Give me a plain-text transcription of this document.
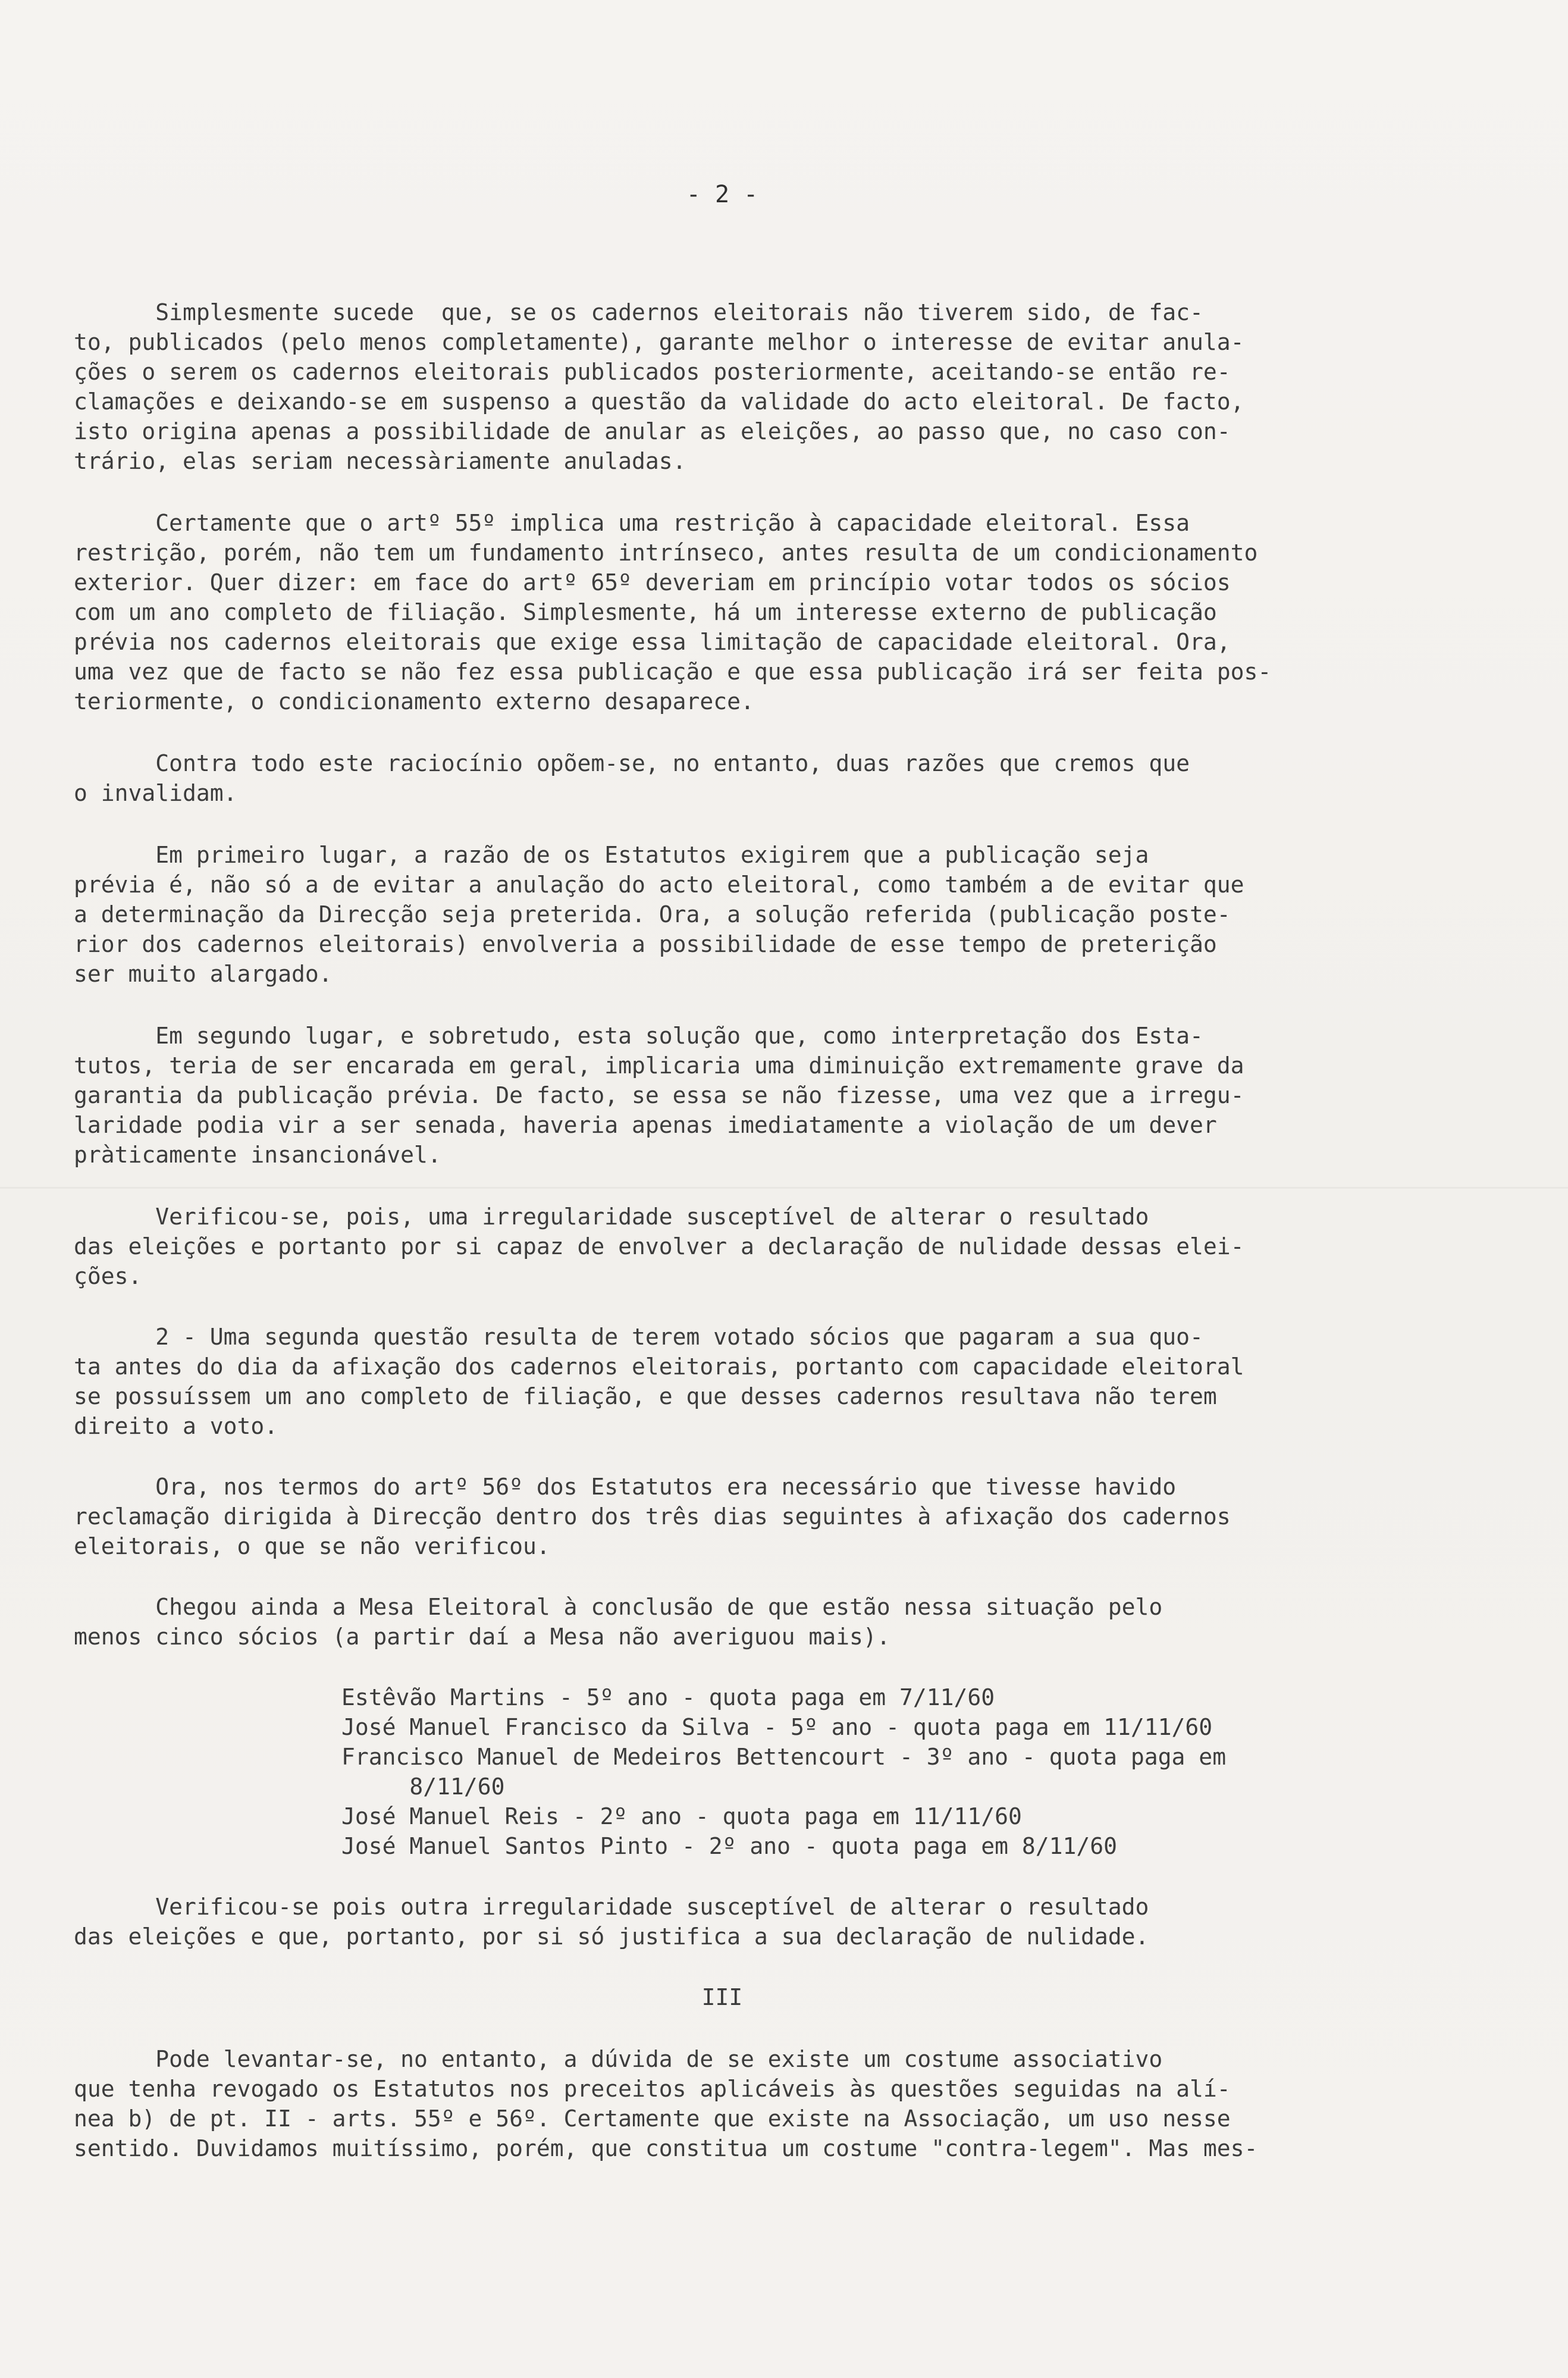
- 2 -
Simplesmente sucede  que, se os cadernos eleitorais não tiverem sido, de fac-
to, publicados (pelo menos completamente), garante melhor o interesse de evitar anula-
ções o serem os cadernos eleitorais publicados posteriormente, aceitando-se então re-
clamações e deixando-se em suspenso a questão da validade do acto eleitoral. De facto,
isto origina apenas a possibilidade de anular as eleições, ao passo que, no caso con-
trário, elas seriam necessàriamente anuladas.
Certamente que o artº 55º implica uma restrição à capacidade eleitoral. Essa
restrição, porém, não tem um fundamento intrínseco, antes resulta de um condicionamento
exterior. Quer dizer: em face do artº 65º deveriam em princípio votar todos os sócios
com um ano completo de filiação. Simplesmente, há um interesse externo de publicação
prévia nos cadernos eleitorais que exige essa limitação de capacidade eleitoral. Ora,
uma vez que de facto se não fez essa publicação e que essa publicação irá ser feita pos-
teriormente, o condicionamento externo desaparece.
Contra todo este raciocínio opõem-se, no entanto, duas razões que cremos que
o invalidam.
Em primeiro lugar, a razão de os Estatutos exigirem que a publicação seja
prévia é, não só a de evitar a anulação do acto eleitoral, como também a de evitar que
a determinação da Direcção seja preterida. Ora, a solução referida (publicação poste-
rior dos cadernos eleitorais) envolveria a possibilidade de esse tempo de preterição
ser muito alargado.
Em segundo lugar, e sobretudo, esta solução que, como interpretação dos Esta-
tutos, teria de ser encarada em geral, implicaria uma diminuição extremamente grave da
garantia da publicação prévia. De facto, se essa se não fizesse, uma vez que a irregu-
laridade podia vir a ser senada, haveria apenas imediatamente a violação de um dever
pràticamente insancionável.
Verificou-se, pois, uma irregularidade susceptível de alterar o resultado
das eleições e portanto por si capaz de envolver a declaração de nulidade dessas elei-
ções.
2 - Uma segunda questão resulta de terem votado sócios que pagaram a sua quo-
ta antes do dia da afixação dos cadernos eleitorais, portanto com capacidade eleitoral
se possuíssem um ano completo de filiação, e que desses cadernos resultava não terem
direito a voto.
Ora, nos termos do artº 56º dos Estatutos era necessário que tivesse havido
reclamação dirigida à Direcção dentro dos três dias seguintes à afixação dos cadernos
eleitorais, o que se não verificou.
Chegou ainda a Mesa Eleitoral à conclusão de que estão nessa situação pelo
menos cinco sócios (a partir daí a Mesa não averiguou mais).
Estêvão Martins - 5º ano - quota paga em 7/11/60
José Manuel Francisco da Silva - 5º ano - quota paga em 11/11/60
Francisco Manuel de Medeiros Bettencourt - 3º ano - quota paga em
8/11/60
José Manuel Reis - 2º ano - quota paga em 11/11/60
José Manuel Santos Pinto - 2º ano - quota paga em 8/11/60
Verificou-se pois outra irregularidade susceptível de alterar o resultado
das eleições e que, portanto, por si só justifica a sua declaração de nulidade.
III
Pode levantar-se, no entanto, a dúvida de se existe um costume associativo
que tenha revogado os Estatutos nos preceitos aplicáveis às questões seguidas na alí-
nea b) de pt. II - arts. 55º e 56º. Certamente que existe na Associação, um uso nesse
sentido. Duvidamos muitíssimo, porém, que constitua um costume "contra-legem". Mas mes-
